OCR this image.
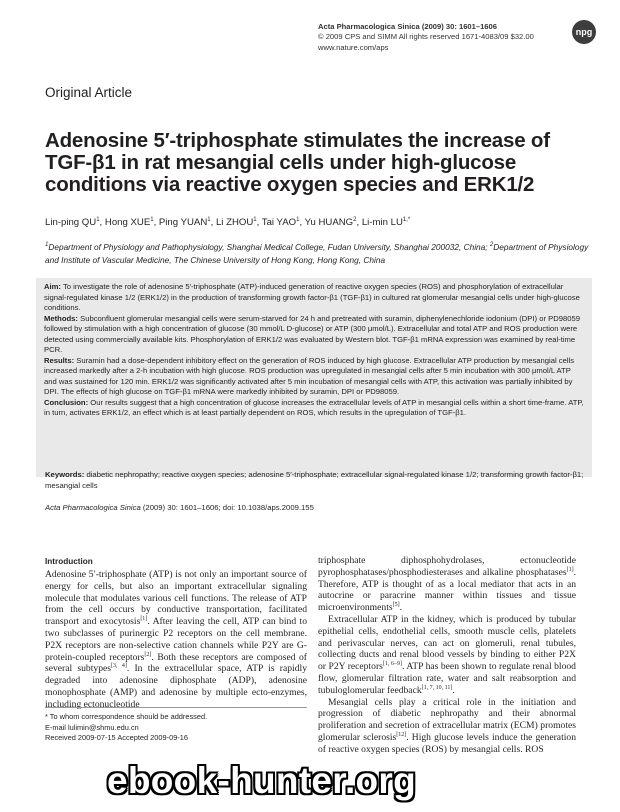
Acta Pharmacologica Sinica (2009) 30: 1601–1606
© 2009 CPS and SIMM All rights reserved 1671-4083/09 $32.00
www.nature.com/aps
npg
Original Article
Adenosine 5′-triphosphate stimulates the increase of TGF-β1 in rat mesangial cells under high-glucose conditions via reactive oxygen species and ERK1/2
Lin-ping $QU^1$, Hong XUE$^1$, Ping YUAN$^1$, Li ZHOU$^1$, Tai YAO$^1$, Yu HUANG$^2$, Li-min $LU^{1,*}$
$^1$Department of Physiology and Pathophysiology, Shanghai Medical College, Fudan University, Shanghai 200032, China; $^2$Department of Physiology and Institute of Vascular Medicine, The Chinese University of Hong Kong, Hong Kong, China

Aim: To investigate the role of adenosine 5′-triphosphate (ATP)-induced generation of reactive oxygen species (ROS) and phosphorylation of extracellular signal-regulated kinase 1/2 (ERK1/2) in the production of transforming growth factor-β1 (TGF-β1) in cultured rat glomerular mesangial cells under high-glucose conditions.

Methods: Subconfluent glomerular mesangial cells were serum-starved for 24 h and pretreated with suramin, diphenylenechloride iodonium (DPI) or PD98059 followed by stimulation with a high concentration of glucose (30 mmol/L D-glucose) or ATP (300 μmol/L). Extracellular and total ATP and ROS production were detected using commercially available kits. Phosphorylation of ERK1/2 was evaluated by Western blot. TGF-β1 mRNA expression was examined by real-time PCR.

Results: Suramin had a dose-dependent inhibitory effect on the generation of ROS induced by high glucose. Extracellular ATP production by mesangial cells increased markedly after a 2-h incubation with high glucose. ROS production was upregulated in mesangial cells after 5 min incubation with 300 μmol/L ATP and was sustained for 120 min. ERK1/2 was significantly activated after 5 min incubation of mesangial cells with ATP, this activation was partially inhibited by DPI. The effects of high glucose on TGF-β1 mRNA were markedly inhibited by suramin, DPI or PD98059.

Conclusion: Our results suggest that a high concentration of glucose increases the extracellular levels of ATP in mesangial cells within a short time-frame. ATP, in turn, activates ERK1/2, an effect which is at least partially dependent on ROS, which results in the upregulation of TGF-β1.

Keywords: diabetic nephropathy; reactive oxygen species; adenosine 5′-triphosphate; extracellular signal-regulated kinase 1/2; transforming growth factor-β1; mesangial cells
Acta Pharmacologica Sinica (2009) 30: 1601–1606; doi: 10.1038/aps.2009.155
Introduction

Adenosine 5′-triphosphate (ATP) is not only an important source of energy for cells, but also an important extracellular signaling molecule that modulates various cell functions. The release of ATP from the cell occurs by conductive transportation, facilitated transport and exocytosis[1]. After leaving the cell, ATP can bind to two subclasses of purinergic P2 receptors on the cell membrane. P2X receptors are non-selective cation channels while P2Y are G-protein-coupled receptors[2]. Both these receptors are composed of several subtypes[3, 4]. In the extracellular space, ATP is rapidly degraded into adenosine diphosphate (ADP), adenosine monophosphate (AMP) and adenosine by multiple ecto-enzymes, including ectonucleotide

triphosphate diphosphohydrolases, ectonucleotide pyrophosphatases/phosphodiesterases and alkaline phosphatases[1]. Therefore, ATP is thought of as a local mediator that acts in an autocrine or paracrine manner within tissues and tissue microenvironments[5].

Extracellular ATP in the kidney, which is produced by tubular epithelial cells, endothelial cells, smooth muscle cells, platelets and perivascular nerves, can act on glomeruli, renal tubules, collecting ducts and renal blood vessels by binding to either P2X or P2Y receptors[1, 6–9]. ATP has been shown to regulate renal blood flow, glomerular filtration rate, water and salt reabsorption and tubuloglomerular feedback[1, 7, 10, 11].

Mesangial cells play a critical role in the initiation and progression of diabetic nephropathy and their abnormal proliferation and secretion of extracellular matrix (ECM) promotes glomerular sclerosis[12]. High glucose levels induce the generation of reactive oxygen species (ROS) by mesangial cells. ROS

* To whom correspondence should be addressed.
E-mail lulimin@shmu.edu.cn
Received 2009-07-15 Accepted 2009-09-16
ebook-hunter.org
